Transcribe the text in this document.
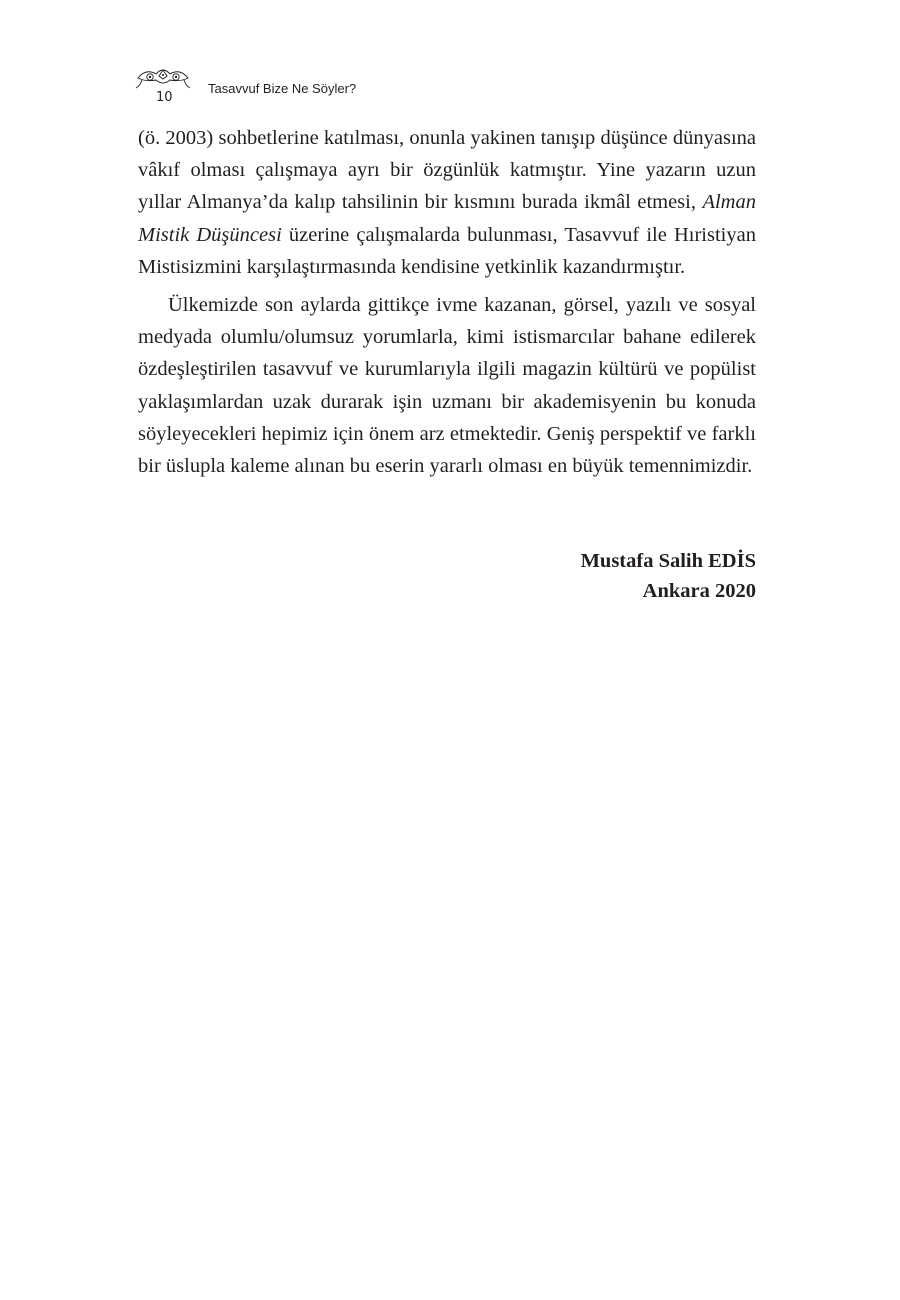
10
Tasavvuf Bize Ne Söyler?

(ö. 2003) sohbetlerine katılması, onunla yakinen tanışıp düşünce dünyasına vâkıf olması çalışmaya ayrı bir özgünlük katmıştır. Yine yazarın uzun yıllar Almanya’da kalıp tahsilinin bir kısmını burada ikmâl etmesi, Alman Mistik Düşüncesi üzerine çalışmalarda bulunması, Tasavvuf ile Hıristiyan Mistisizmini karşılaştırmasında kendisine yetkinlik kazandırmıştır.

Ülkemizde son aylarda gittikçe ivme kazanan, görsel, yazılı ve sosyal medyada olumlu/olumsuz yorumlarla, kimi istismarcılar bahane edilerek özdeşleştirilen tasavvuf ve kurumlarıyla ilgili magazin kültürü ve popülist yaklaşımlardan uzak durarak işin uzmanı bir akademisyenin bu konuda söyleyecekleri hepimiz için önem arz etmektedir. Geniş perspektif ve farklı bir üslupla kaleme alınan bu eserin yararlı olması en büyük temennimizdir.

Mustafa Salih EDİS
Ankara 2020
